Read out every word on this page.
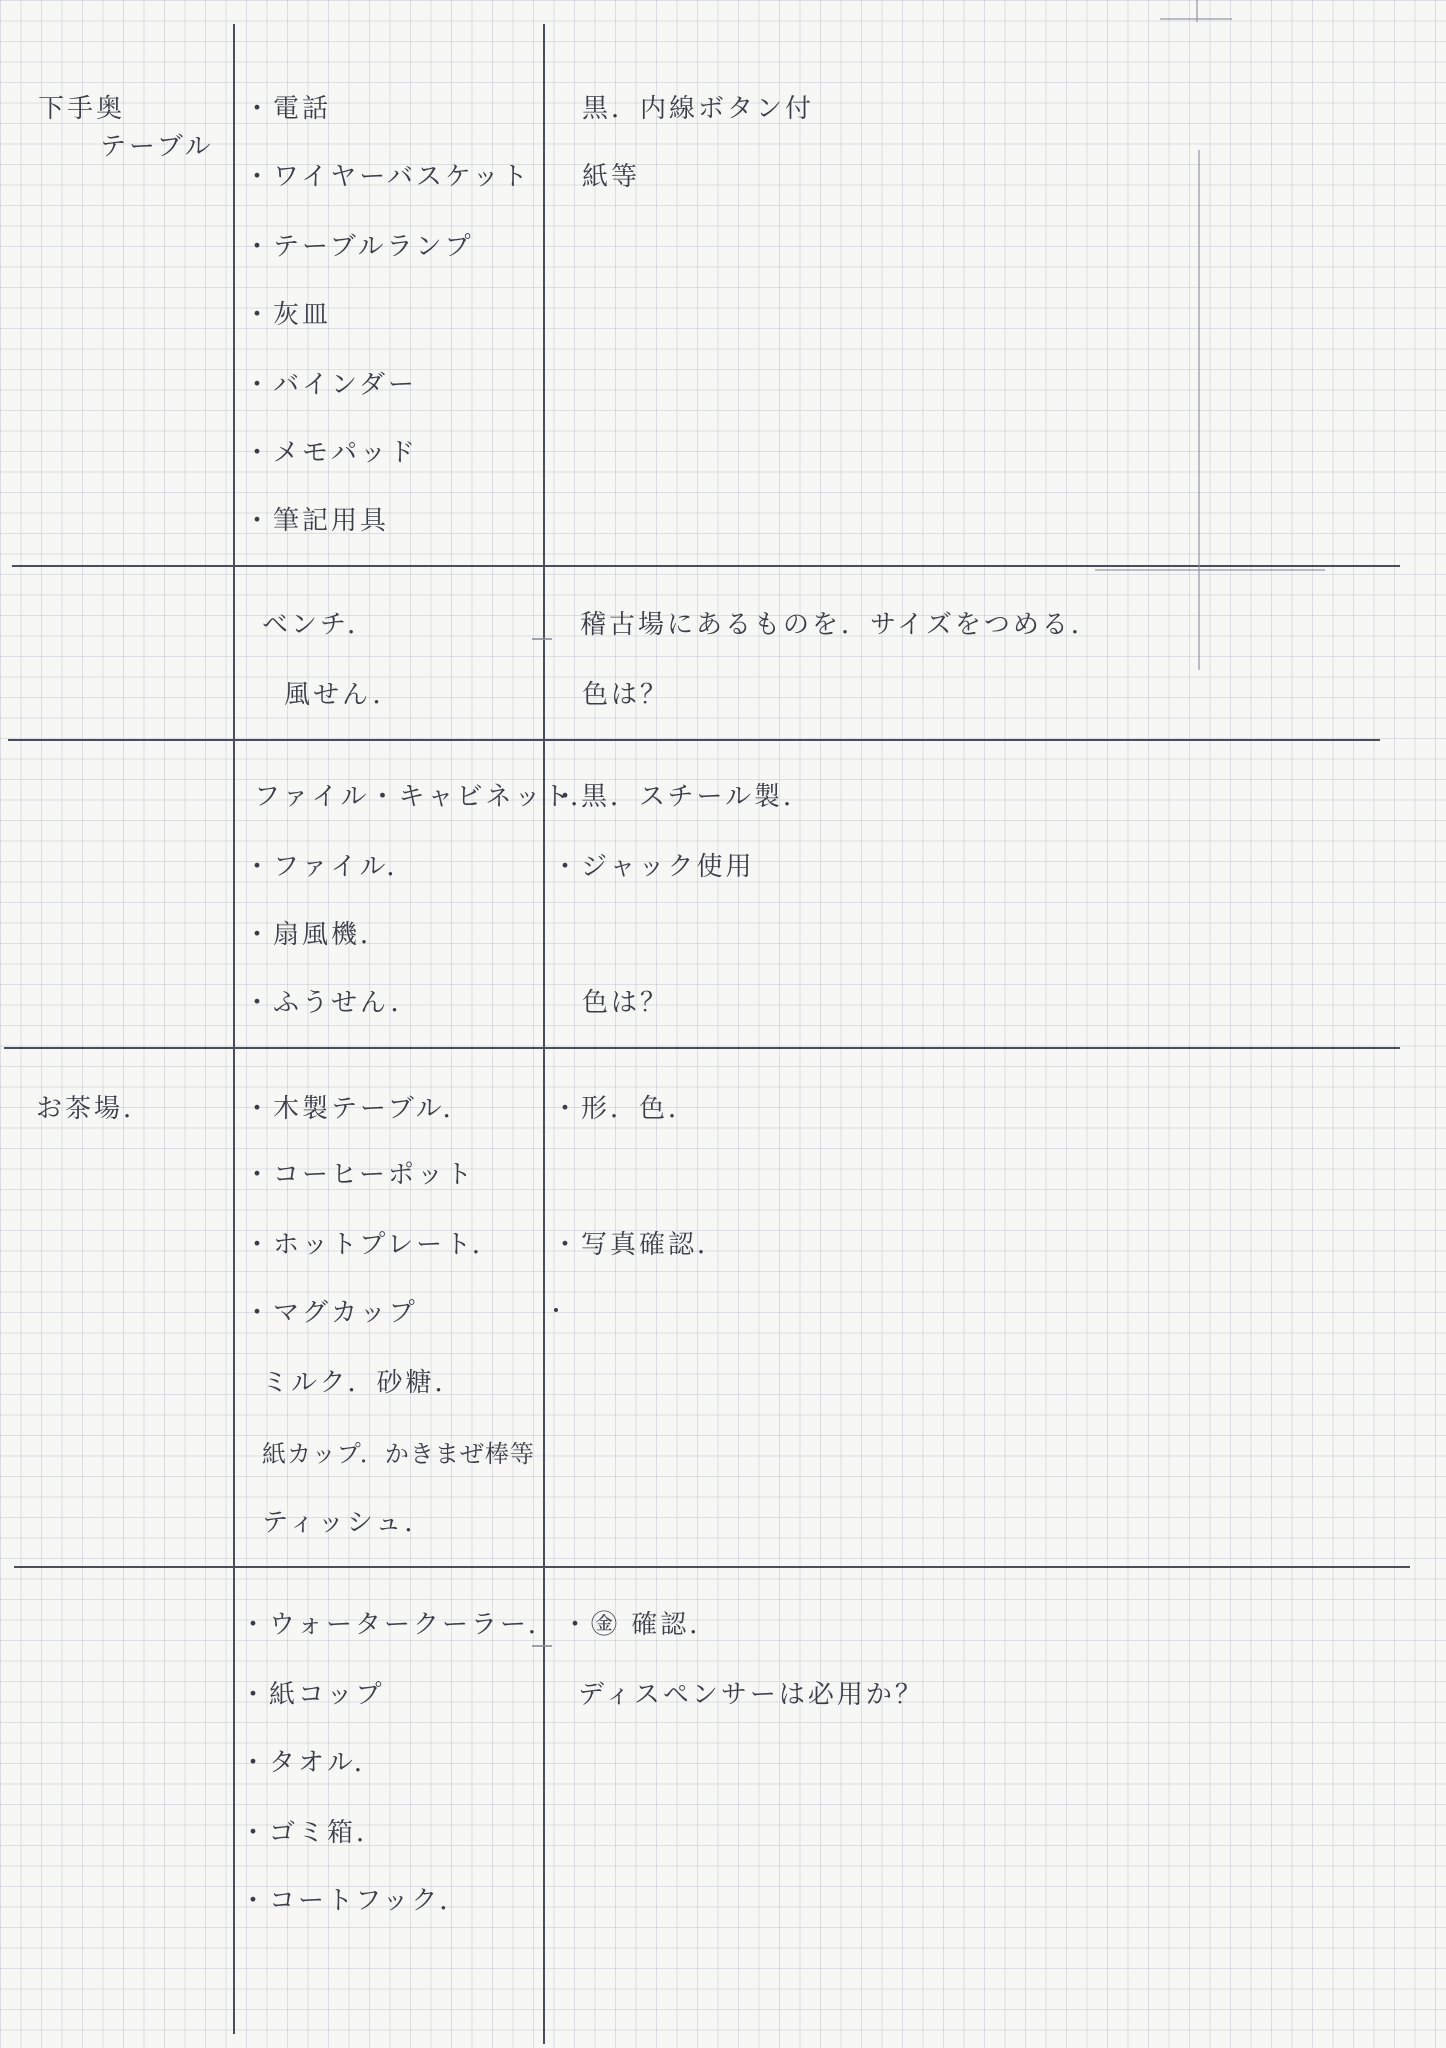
下手奥
テーブル
・電話
・ワイヤーバスケット
・テーブルランプ
・灰皿
・バインダー
・メモパッド
・筆記用具
黒．内線ボタン付
紙等
ベンチ．
風せん．
稽古場にあるものを．サイズをつめる．
色は？
ファイル・キャビネット．
・ファイル．
・扇風機．
・ふうせん．
・黒．スチール製．
・ジャック使用
色は？
お茶場．	・木製テーブル．
・コーヒーポット
・ホットプレート．
・マグカップ
ミルク．砂糖．
紙カップ．かきまぜ棒等
ティッシュ．
・形．色．
・写真確認．
・ウォータークーラー．
・紙コップ
・タオル．
・ゴミ箱．
・コートフック．
・㊎ 確認．
ディスペンサーは必用か？
